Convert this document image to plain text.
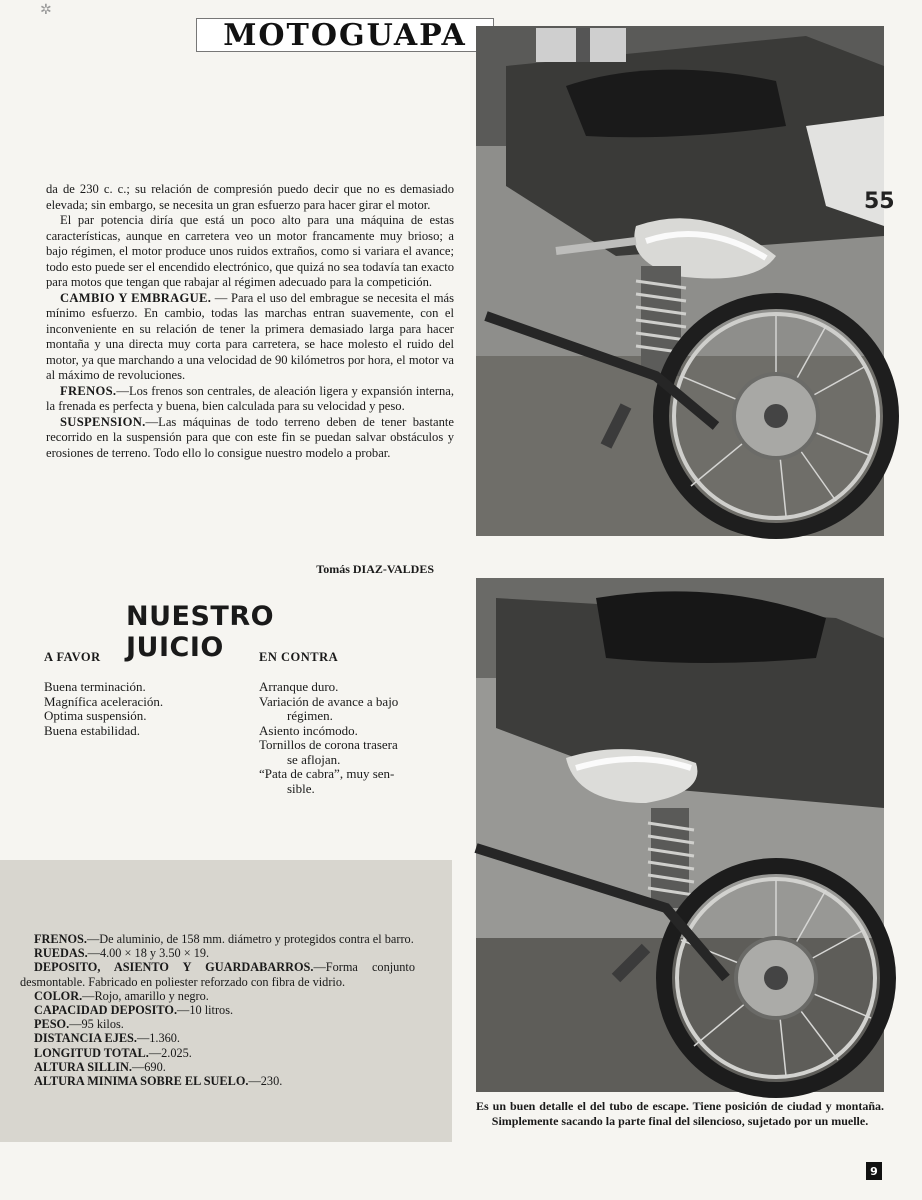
✲
MOTOGUAPA

da de 230 c. c.; su relación de compresión puedo decir que no es demasiado elevada; sin embargo, se necesita un gran esfuerzo para hacer girar el motor.

El par potencia diría que está un poco alto para una máquina de estas características, aunque en carretera veo un motor francamente muy brioso; a bajo régimen, el motor produce unos ruidos extraños, como si variara el avance; todo esto puede ser el encendido electrónico, que quizá no sea todavía tan exacto para motos que tengan que rabajar al régimen adecuado para la competición.

CAMBIO Y EMBRAGUE. — Para el uso del embrague se necesita el más mínimo esfuerzo. En cambio, todas las marchas entran suavemente, con el inconveniente en su relación de tener la primera demasiado larga para hacer montaña y una directa muy corta para carretera, se hace molesto el ruido del motor, ya que marchando a una velocidad de 90 kilómetros por hora, el motor va al máximo de revoluciones.

FRENOS.—Los frenos son centrales, de aleación ligera y expansión interna, la frenada es perfecta y buena, bien calculada para su velocidad y peso.

SUSPENSION.—Las máquinas de todo terreno deben de tener bastante recorrido en la suspensión para que con este fin se puedan salvar obstáculos y erosiones de terreno. Todo ello lo consigue nuestro modelo a probar.

Tomás DIAZ-VALDES
NUESTRO JUICIO
A FAVOR	EN CONTRA
Buena terminación.
Magnífica aceleración.
Optima suspensión.
Buena estabilidad.
Arranque duro.
Variación de avance a bajo
régimen.
Asiento incómodo.
Tornillos de corona trasera
se aflojan.
“Pata de cabra”, muy sen-
sible.

FRENOS.—De aluminio, de 158 mm. diámetro y protegidos contra el barro.

RUEDAS.—4.00 × 18 y 3.50 × 19.

DEPOSITO, ASIENTO Y GUARDABARROS.—Forma conjunto desmontable. Fabricado en poliester reforzado con fibra de vidrio.

COLOR.—Rojo, amarillo y negro.

CAPACIDAD DEPOSITO.—10 litros.

PESO.—95 kilos.

DISTANCIA EJES.—1.360.

LONGITUD TOTAL.—2.025.

ALTURA SILLIN.—690.

ALTURA MINIMA SOBRE EL SUELO.—230.

55
Es un buen detalle el del tubo de escape. Tiene posición de ciudad y montaña. Simplemente sacando la parte final del silencioso, sujetado por un muelle.
9
